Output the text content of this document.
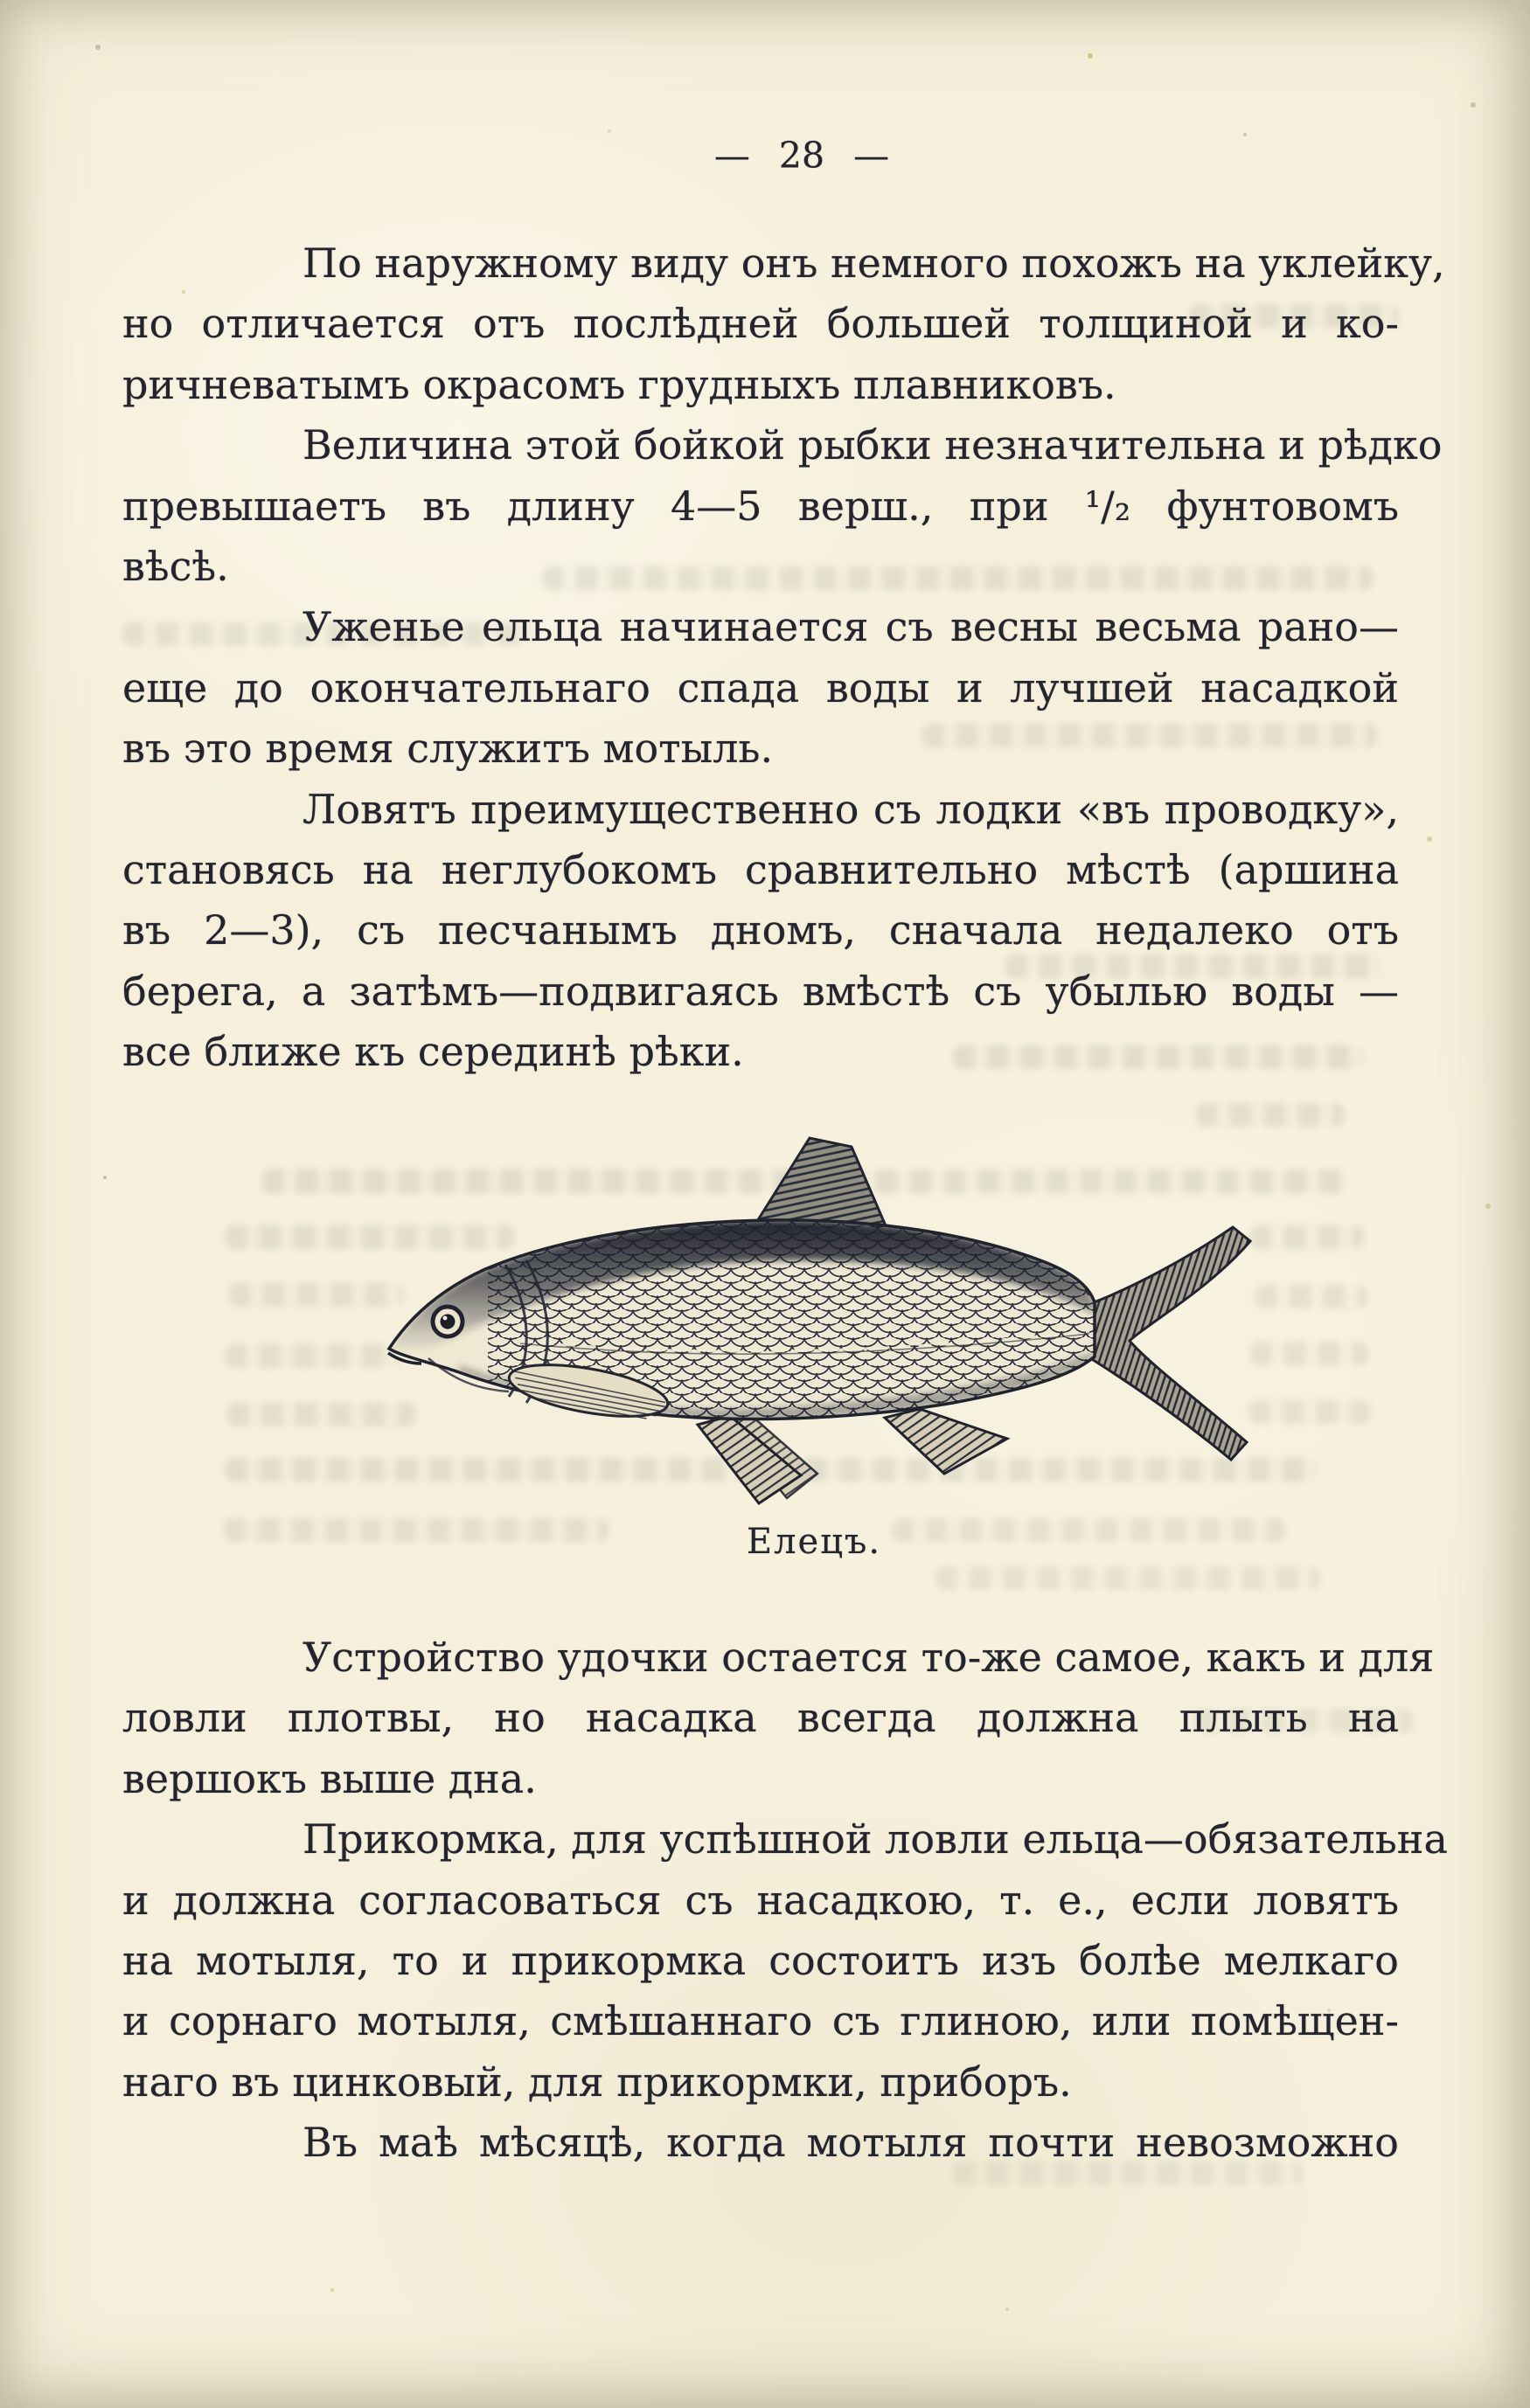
— 28 —
По наружному виду онъ немного похожъ на уклейку,
но отличается отъ послѣдней большей толщиной и ко-
ричневатымъ окрасомъ грудныхъ плавниковъ.
Величина этой бойкой рыбки незначительна и рѣдко
превышаетъ въ длину 4—5 верш., при ¹/₂ фунтовомъ
вѣсѣ.
Уженье ельца начинается съ весны весьма рано—
еще до окончательнаго спада воды и лучшей насадкой
въ это время служитъ мотыль.
Ловятъ преимущественно съ лодки «въ проводку»,
становясь на неглубокомъ сравнительно мѣстѣ (аршина
въ 2—3), съ песчанымъ дномъ, сначала недалеко отъ
берега, а затѣмъ—подвигаясь вмѣстѣ съ убылью воды —
все ближе къ серединѣ рѣки.
Елецъ.
Устройство удочки остается то-же самое, какъ и для
ловли плотвы, но насадка всегда должна плыть на
вершокъ выше дна.
Прикормка, для успѣшной ловли ельца—обязательна
и должна согласоваться съ насадкою, т. е., если ловятъ
на мотыля, то и прикормка состоитъ изъ болѣе мелкаго
и сорнаго мотыля, смѣшаннаго съ глиною, или помѣщен-
наго въ цинковый, для прикормки, приборъ.
Въ маѣ мѣсяцѣ, когда мотыля почти невозможно
